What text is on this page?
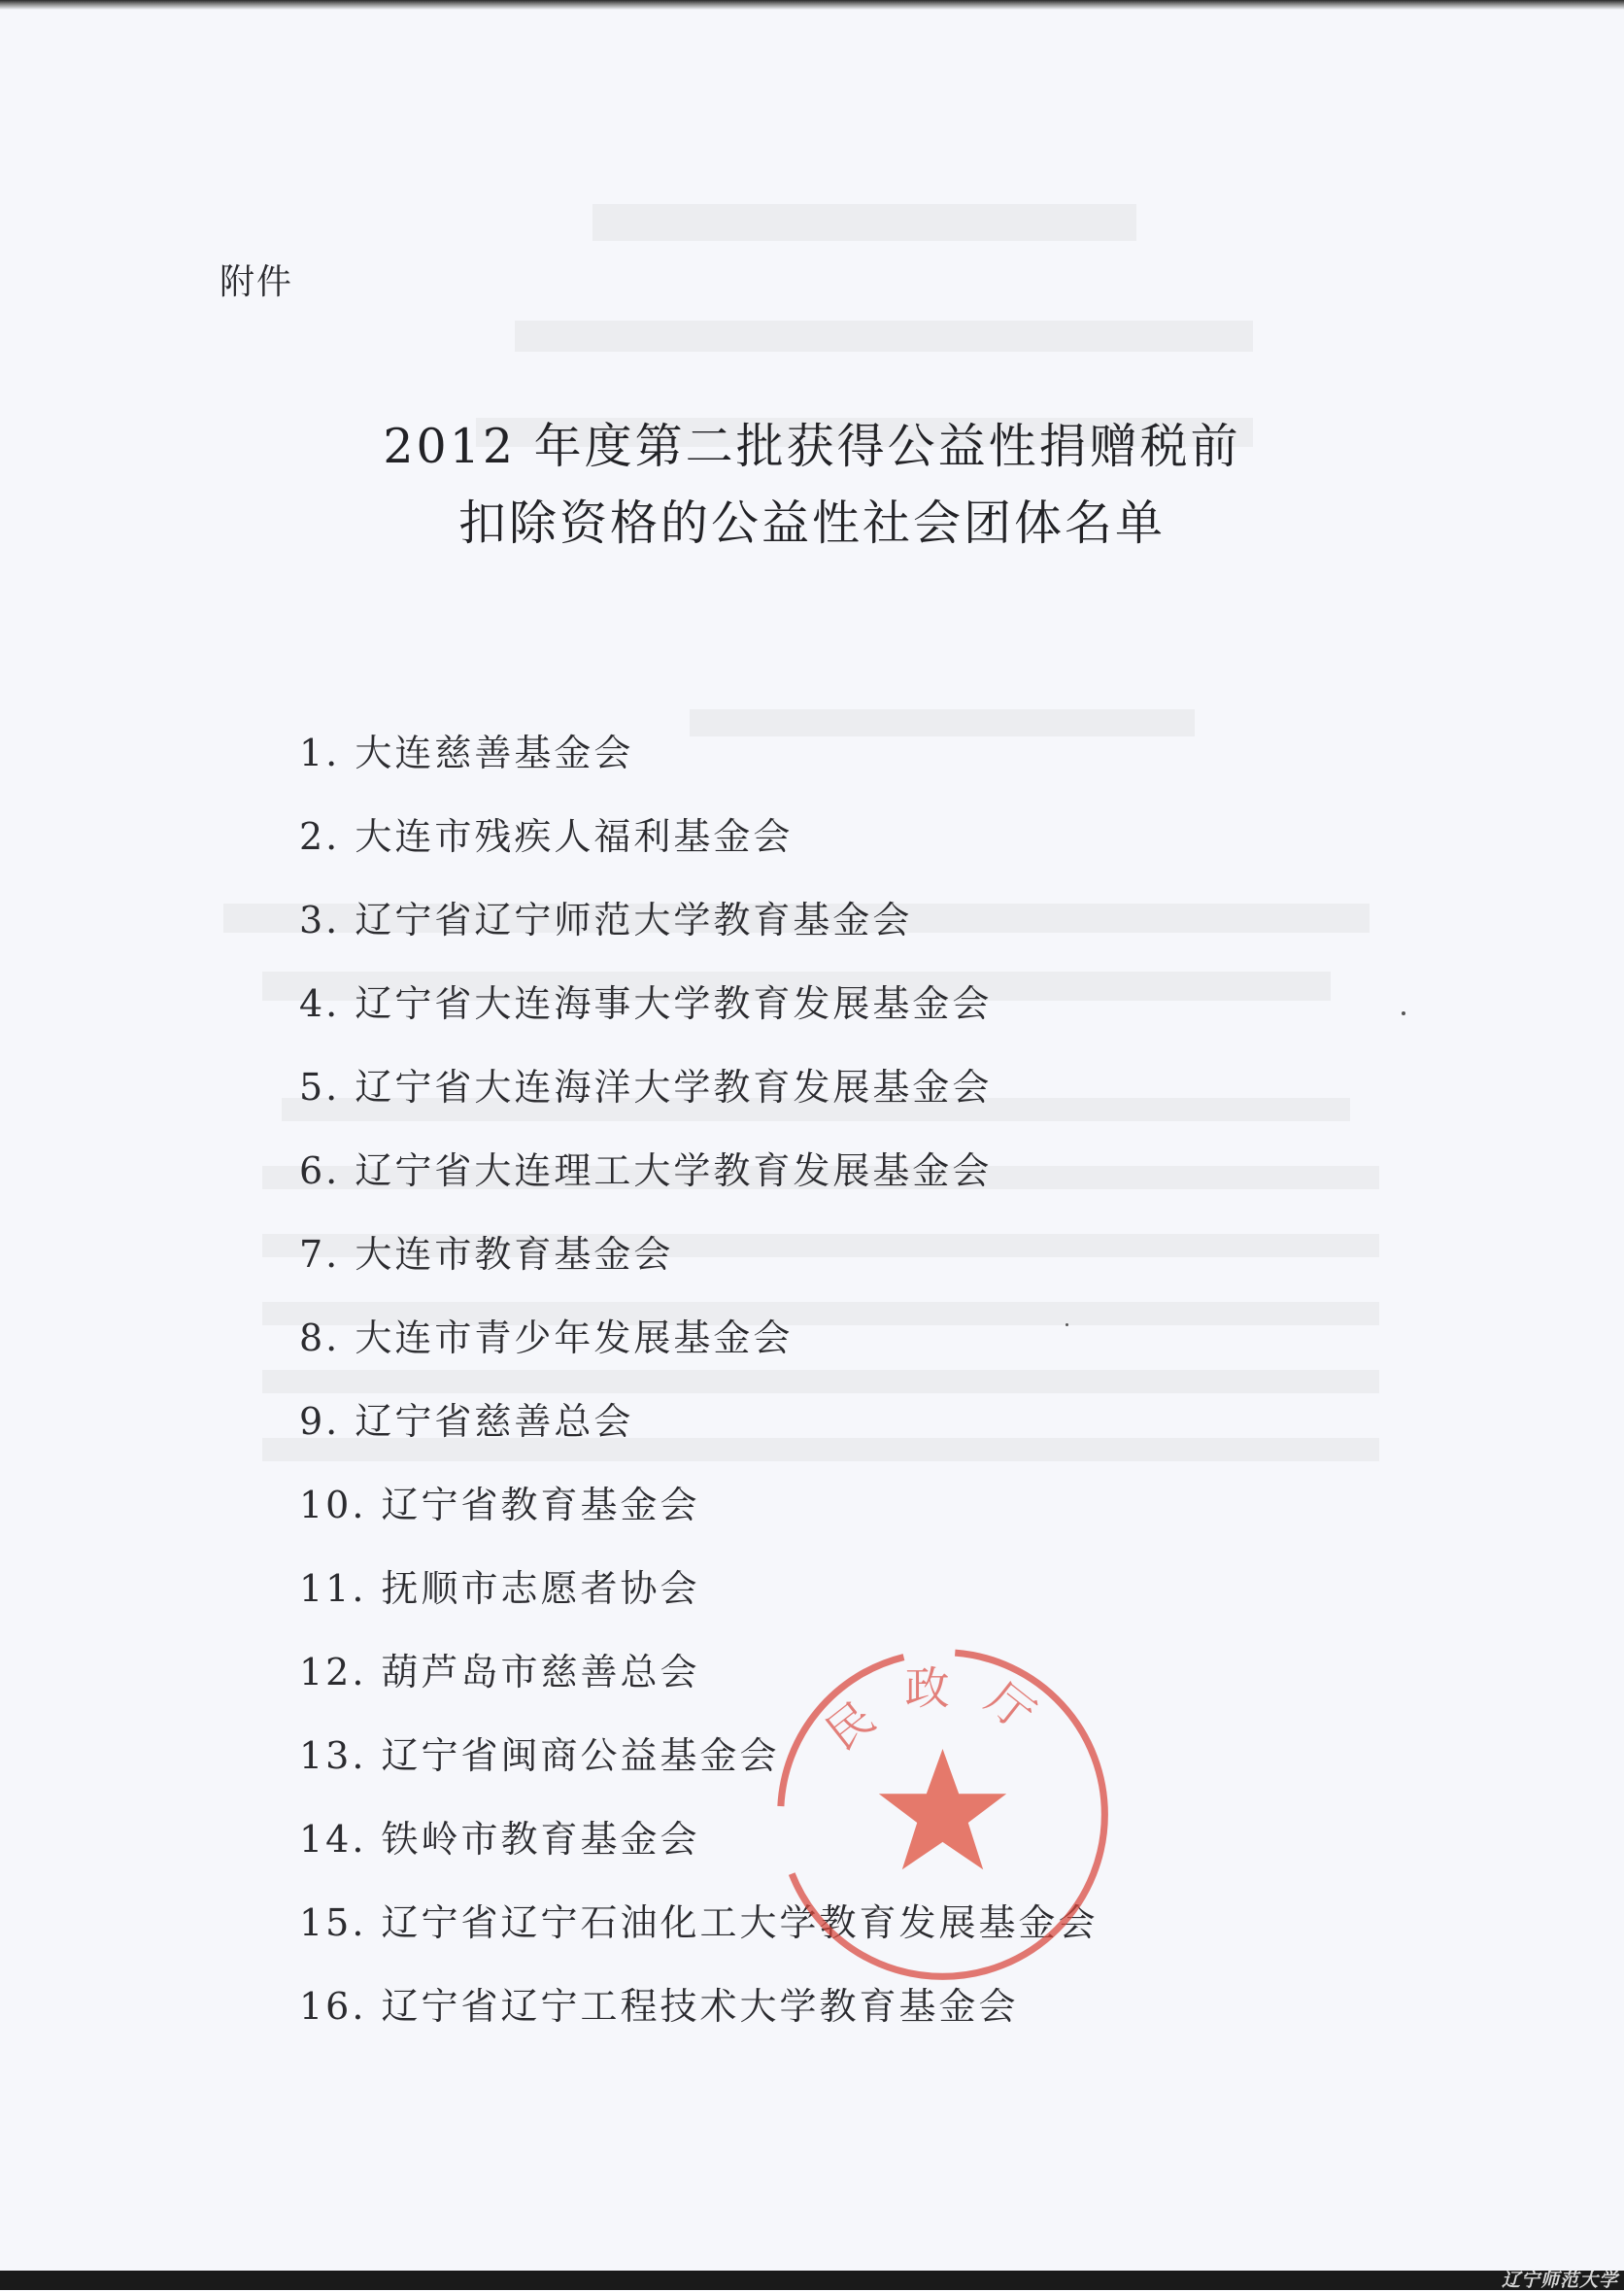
附件
2012 年度第二批获得公益性捐赠税前
扣除资格的公益性社会团体名单
1. 大连慈善基金会
2. 大连市残疾人福利基金会
3. 辽宁省辽宁师范大学教育基金会
4. 辽宁省大连海事大学教育发展基金会
5. 辽宁省大连海洋大学教育发展基金会
6. 辽宁省大连理工大学教育发展基金会
7. 大连市教育基金会
8. 大连市青少年发展基金会
9. 辽宁省慈善总会
10. 辽宁省教育基金会
11. 抚顺市志愿者协会
12. 葫芦岛市慈善总会
13. 辽宁省闽商公益基金会
14. 铁岭市教育基金会
15. 辽宁省辽宁石油化工大学教育发展基金会
16. 辽宁省辽宁工程技术大学教育基金会
民政厅
辽宁师范大学
